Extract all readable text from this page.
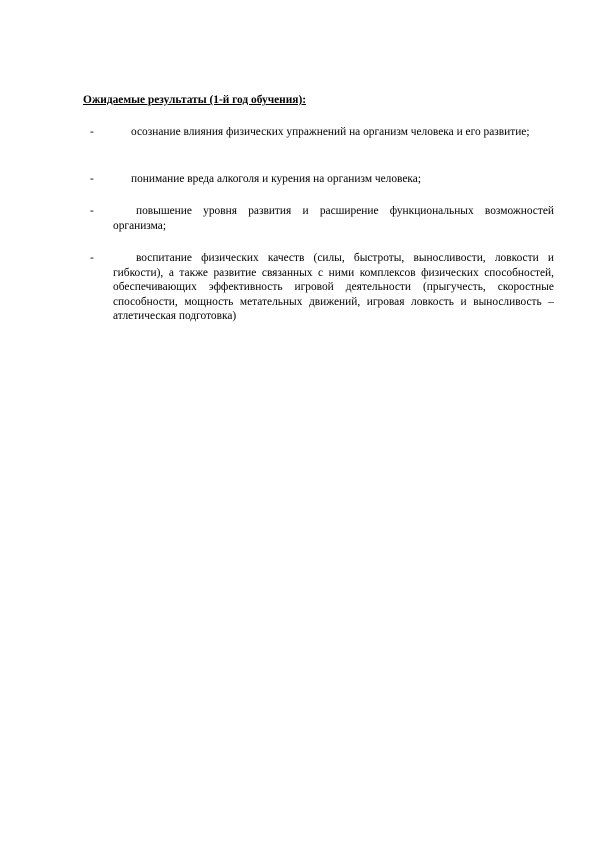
Ожидаемые результаты (1-й год обучения):
-	осознание влияния физических упражнений на организм человека и его развитие;
-	понимание вреда алкоголя и курения на организм человека;
-	повышение уровня развития и расширение функциональных возможностей организма;
-	воспитание физических качеств (силы, быстроты, выносливости, ловкости и гибкости), а также развитие связанных с ними комплексов физических способностей, обеспечивающих эффективность игровой деятельности (прыгучесть, скоростные способности, мощность метательных движений, игровая ловкость и выносливость – атлетическая подготовка)
